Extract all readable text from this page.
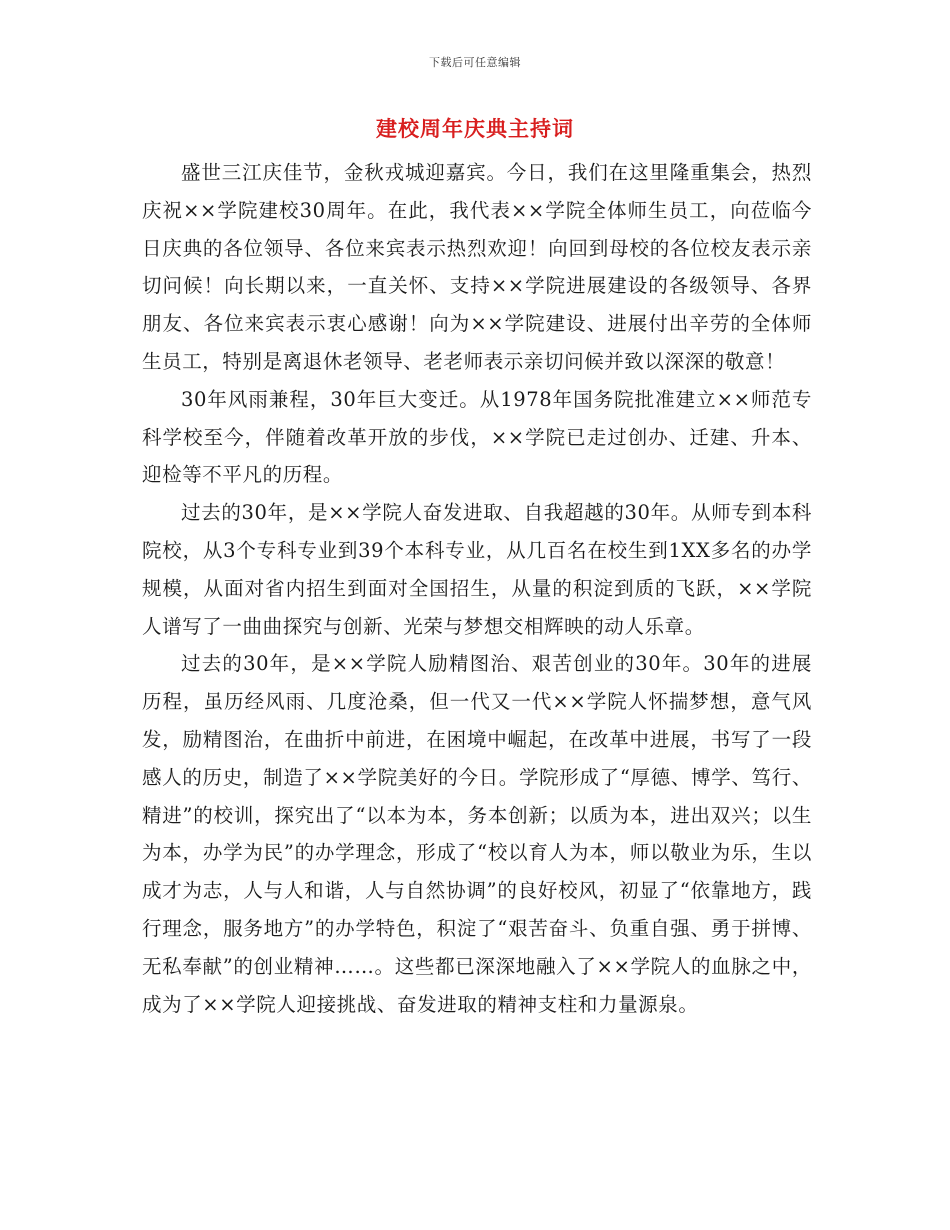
下载后可任意编辑
建校周年庆典主持词

盛世三江庆佳节，金秋戎城迎嘉宾。今日，我们在这里隆重集会，热烈庆祝××学院建校30周年。在此，我代表××学院全体师生员工，向莅临今日庆典的各位领导、各位来宾表示热烈欢迎！向回到母校的各位校友表示亲切问候！向长期以来，一直关怀、支持××学院进展建设的各级领导、各界朋友、各位来宾表示衷心感谢！向为××学院建设、进展付出辛劳的全体师生员工，特别是离退休老领导、老老师表示亲切问候并致以深深的敬意！

30年风雨兼程，30年巨大变迁。从1978年国务院批准建立××师范专科学校至今，伴随着改革开放的步伐，××学院已走过创办、迁建、升本、迎检等不平凡的历程。

过去的30年，是××学院人奋发进取、自我超越的30年。从师专到本科院校，从3个专科专业到39个本科专业，从几百名在校生到1XX多名的办学规模，从面对省内招生到面对全国招生，从量的积淀到质的飞跃，××学院人谱写了一曲曲探究与创新、光荣与梦想交相辉映的动人乐章。

过去的30年，是××学院人励精图治、艰苦创业的30年。30年的进展历程，虽历经风雨、几度沧桑，但一代又一代××学院人怀揣梦想，意气风发，励精图治，在曲折中前进，在困境中崛起，在改革中进展，书写了一段感人的历史，制造了××学院美好的今日。学院形成了“厚德、博学、笃行、精进”的校训，探究出了“以本为本，务本创新；以质为本，进出双兴；以生为本，办学为民”的办学理念，形成了“校以育人为本，师以敬业为乐，生以成才为志，人与人和谐，人与自然协调”的良好校风，初显了“依靠地方，践行理念，服务地方”的办学特色，积淀了“艰苦奋斗、负重自强、勇于拼博、无私奉献”的创业精神……。这些都已深深地融入了××学院人的血脉之中，成为了××学院人迎接挑战、奋发进取的精神支柱和力量源泉。
